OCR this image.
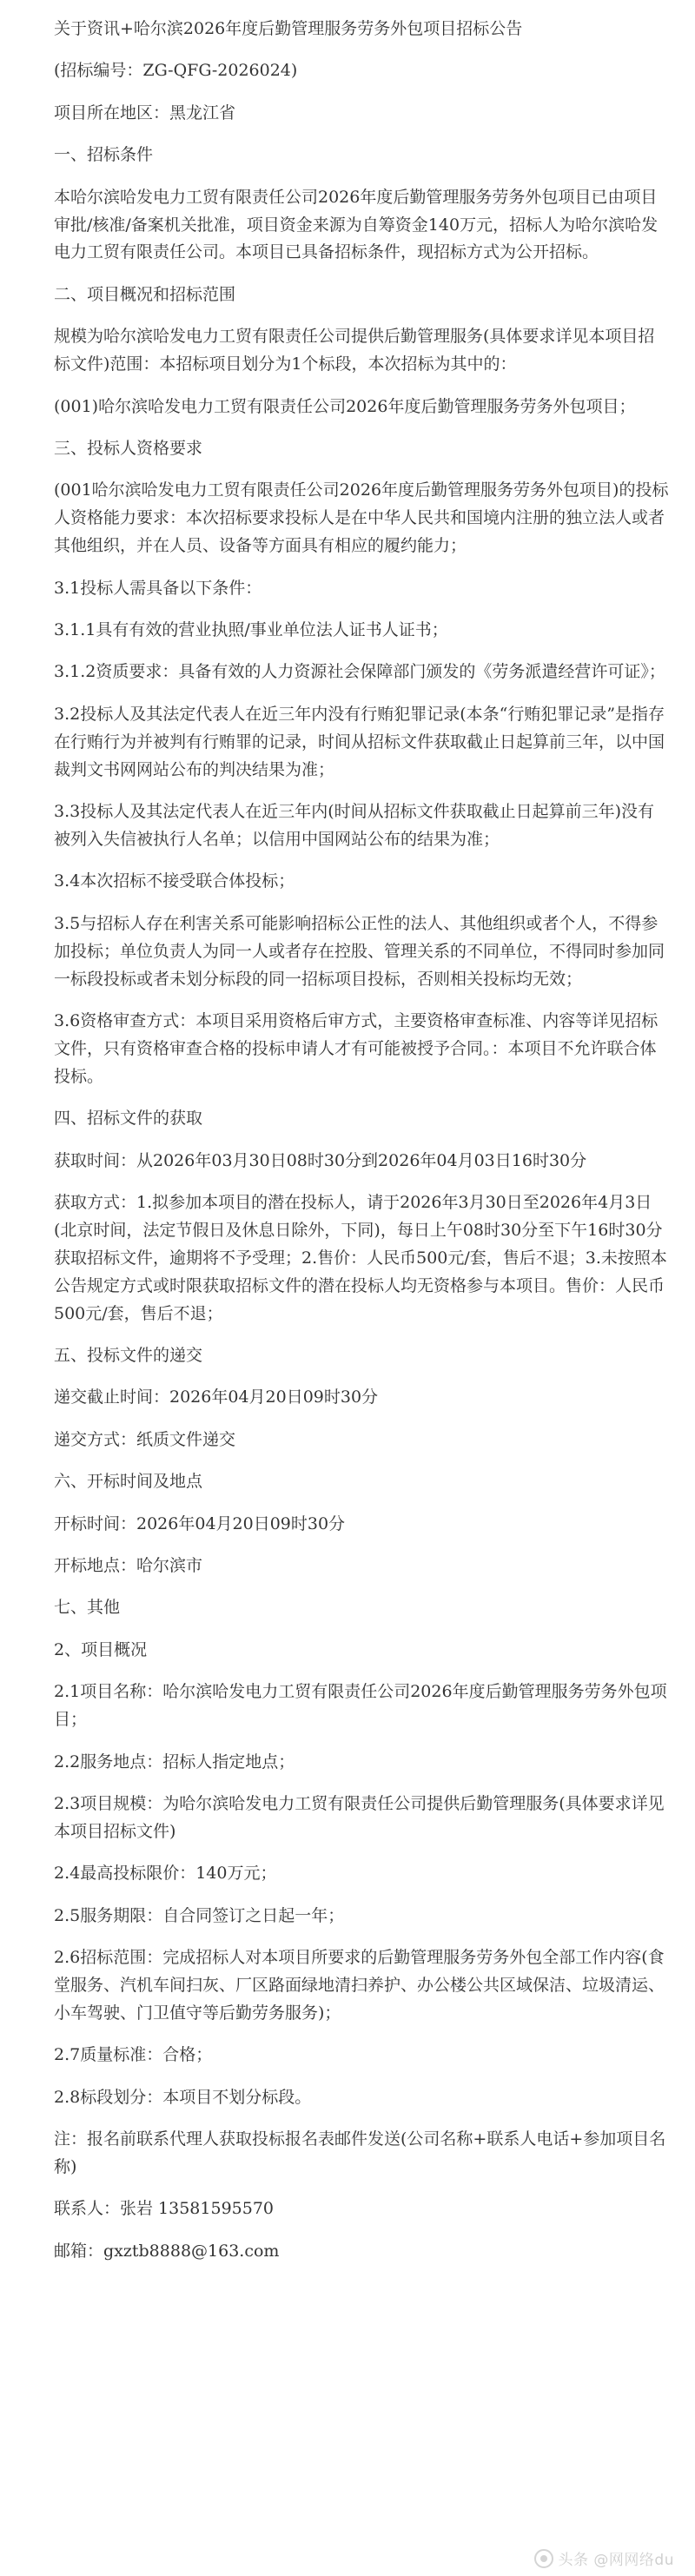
关于资讯+哈尔滨2026年度后勤管理服务劳务外包项目招标公告

(招标编号：ZG-QFG-2026024)

项目所在地区：黑龙江省

一、招标条件

本哈尔滨哈发电力工贸有限责任公司2026年度后勤管理服务劳务外包项目已由项目审批/核准/备案机关批准，项目资金来源为自筹资金140万元，招标人为哈尔滨哈发电力工贸有限责任公司。本项目已具备招标条件，现招标方式为公开招标。

二、项目概况和招标范围

规模为哈尔滨哈发电力工贸有限责任公司提供后勤管理服务(具体要求详见本项目招标文件)范围：本招标项目划分为1个标段，本次招标为其中的：

(001)哈尔滨哈发电力工贸有限责任公司2026年度后勤管理服务劳务外包项目；

三、投标人资格要求

(001哈尔滨哈发电力工贸有限责任公司2026年度后勤管理服务劳务外包项目)的投标人资格能力要求：本次招标要求投标人是在中华人民共和国境内注册的独立法人或者其他组织，并在人员、设备等方面具有相应的履约能力；

3.1投标人需具备以下条件：

3.1.1具有有效的营业执照/事业单位法人证书人证书；

3.1.2资质要求：具备有效的人力资源社会保障部门颁发的《劳务派遣经营许可证》；

3.2投标人及其法定代表人在近三年内没有行贿犯罪记录(本条“行贿犯罪记录”是指存在行贿行为并被判有行贿罪的记录，时间从招标文件获取截止日起算前三年，以中国裁判文书网网站公布的判决结果为准；

3.3投标人及其法定代表人在近三年内(时间从招标文件获取截止日起算前三年)没有被列入失信被执行人名单；以信用中国网站公布的结果为准；

3.4本次招标不接受联合体投标；

3.5与招标人存在利害关系可能影响招标公正性的法人、其他组织或者个人，不得参加投标；单位负责人为同一人或者存在控股、管理关系的不同单位，不得同时参加同一标段投标或者未划分标段的同一招标项目投标，否则相关投标均无效；

3.6资格审查方式：本项目采用资格后审方式，主要资格审查标准、内容等详见招标文件，只有资格审查合格的投标申请人才有可能被授予合同。：本项目不允许联合体投标。

四、招标文件的获取

获取时间：从2026年03月30日08时30分到2026年04月03日16时30分

获取方式：1.拟参加本项目的潜在投标人，请于2026年3月30日至2026年4月3日(北京时间，法定节假日及休息日除外，下同)，每日上午08时30分至下午16时30分获取招标文件，逾期将不予受理；2.售价：人民币500元/套，售后不退；3.未按照本公告规定方式或时限获取招标文件的潜在投标人均无资格参与本项目。售价：人民币500元/套，售后不退；

五、投标文件的递交

递交截止时间：2026年04月20日09时30分

递交方式：纸质文件递交

六、开标时间及地点

开标时间：2026年04月20日09时30分

开标地点：哈尔滨市

七、其他

2、项目概况

2.1项目名称：哈尔滨哈发电力工贸有限责任公司2026年度后勤管理服务劳务外包项目；

2.2服务地点：招标人指定地点；

2.3项目规模：为哈尔滨哈发电力工贸有限责任公司提供后勤管理服务(具体要求详见本项目招标文件)

2.4最高投标限价：140万元；

2.5服务期限：自合同签订之日起一年；

2.6招标范围：完成招标人对本项目所要求的后勤管理服务劳务外包全部工作内容(食堂服务、汽机车间扫灰、厂区路面绿地清扫养护、办公楼公共区域保洁、垃圾清运、小车驾驶、门卫值守等后勤劳务服务)；

2.7质量标准：合格；

2.8标段划分：本项目不划分标段。

注：报名前联系代理人获取投标报名表邮件发送(公司名称+联系人电话+参加项目名称)

联系人：张岩 13581595570

邮箱：gxztb8888@163.com

头条 @网网络du
